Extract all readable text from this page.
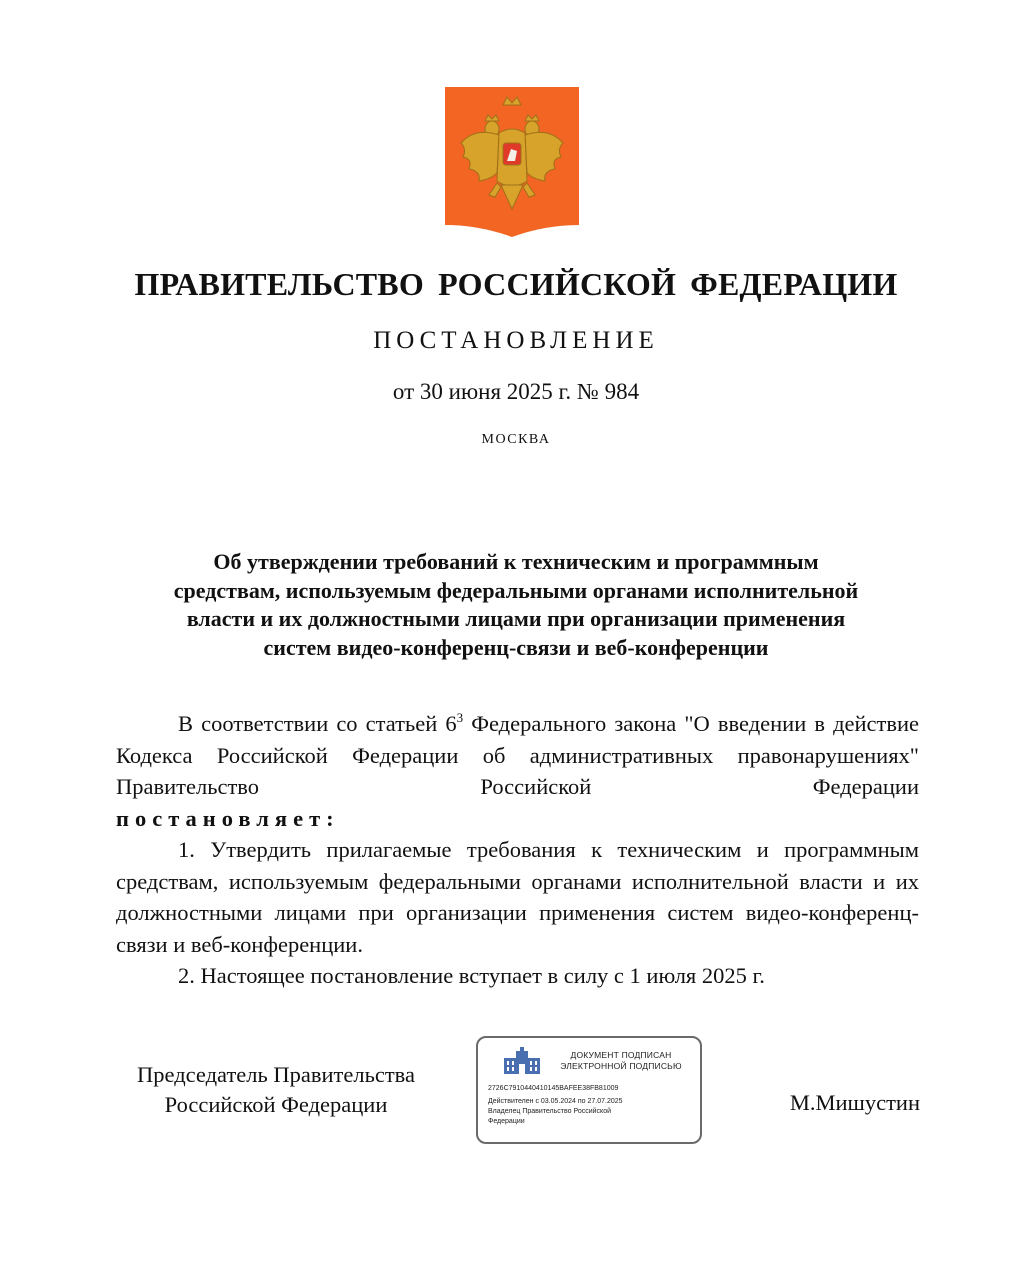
ПРАВИТЕЛЬСТВО РОССИЙСКОЙ ФЕДЕРАЦИИ
ПОСТАНОВЛЕНИЕ
от 30 июня 2025 г. № 984
МОСКВА
Об утверждении требований к техническим и программным
средствам, используемым федеральными органами исполнительной
власти и их должностными лицами при организации применения
систем видео-конференц-связи и веб-конференции

В соответствии со статьей $6^3$ Федерального закона "О введении в действие Кодекса Российской Федерации об административных правонарушениях" Правительство Российской Федерации

постановляет:

1. Утвердить прилагаемые требования к техническим и программным средствам, используемым федеральными органами исполнительной власти и их должностными лицами при организации применения систем видео-конференц-связи и веб-конференции.

2. Настоящее постановление вступает в силу с 1 июля 2025 г.

Председатель Правительства
Российской Федерации
ДОКУМЕНТ ПОДПИСАН
ЭЛЕКТРОННОЙ ПОДПИСЬЮ
2726C7910440410145BAFEE38FB81009
Действителен с 03.05.2024 по 27.07.2025
Владелец Правительство Российской
Федерации
М.Мишустин
